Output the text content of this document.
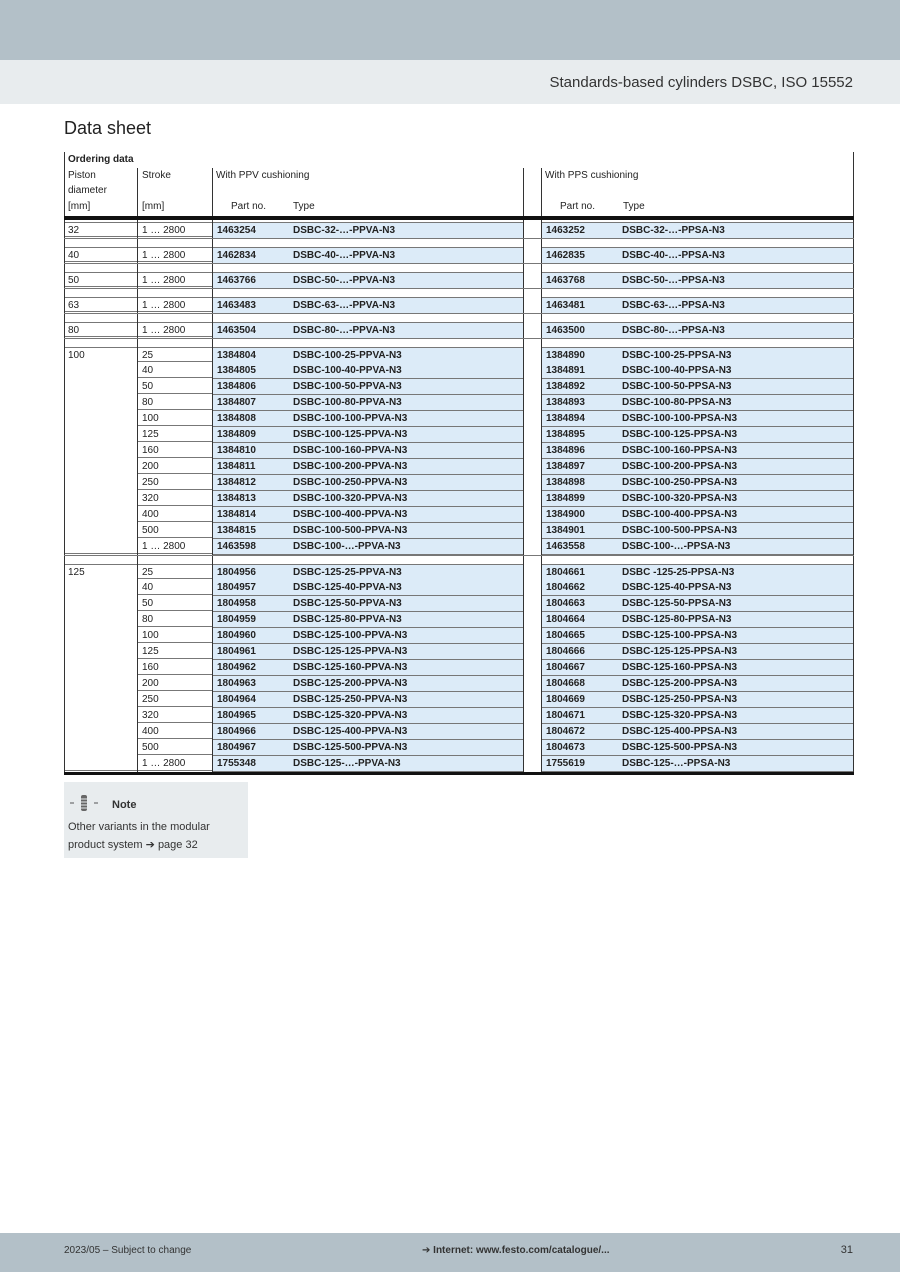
Standards-based cylinders DSBC, ISO 15552
Data sheet
Ordering data
Piston
diameter
[mm]
Stroke
[mm]
With PPV cushioning
Part no.	Type
With PPS cushioning
Part no.	Type
32	1 … 2800	1463254	DSBC-32-…-PPVA-N3	1463252	DSBC-32-…-PPSA-N3
40	1 … 2800	1462834	DSBC-40-…-PPVA-N3	1462835	DSBC-40-…-PPSA-N3
50	1 … 2800	1463766	DSBC-50-…-PPVA-N3	1463768	DSBC-50-…-PPSA-N3
63	1 … 2800	1463483	DSBC-63-…-PPVA-N3	1463481	DSBC-63-…-PPSA-N3
80	1 … 2800	1463504	DSBC-80-…-PPVA-N3	1463500	DSBC-80-…-PPSA-N3
100	25	1384804	DSBC-100-25-PPVA-N3	1384890	DSBC-100-25-PPSA-N3
40	1384805	DSBC-100-40-PPVA-N3	1384891	DSBC-100-40-PPSA-N3
50	1384806	DSBC-100-50-PPVA-N3	1384892	DSBC-100-50-PPSA-N3
80	1384807	DSBC-100-80-PPVA-N3	1384893	DSBC-100-80-PPSA-N3
100	1384808	DSBC-100-100-PPVA-N3	1384894	DSBC-100-100-PPSA-N3
125	1384809	DSBC-100-125-PPVA-N3	1384895	DSBC-100-125-PPSA-N3
160	1384810	DSBC-100-160-PPVA-N3	1384896	DSBC-100-160-PPSA-N3
200	1384811	DSBC-100-200-PPVA-N3	1384897	DSBC-100-200-PPSA-N3
250	1384812	DSBC-100-250-PPVA-N3	1384898	DSBC-100-250-PPSA-N3
320	1384813	DSBC-100-320-PPVA-N3	1384899	DSBC-100-320-PPSA-N3
400	1384814	DSBC-100-400-PPVA-N3	1384900	DSBC-100-400-PPSA-N3
500	1384815	DSBC-100-500-PPVA-N3	1384901	DSBC-100-500-PPSA-N3
1 … 2800	1463598	DSBC-100-…-PPVA-N3	1463558	DSBC-100-…-PPSA-N3
125	25	1804956	DSBC-125-25-PPVA-N3	1804661	DSBC -125-25-PPSA-N3
40	1804957	DSBC-125-40-PPVA-N3	1804662	DSBC-125-40-PPSA-N3
50	1804958	DSBC-125-50-PPVA-N3	1804663	DSBC-125-50-PPSA-N3
80	1804959	DSBC-125-80-PPVA-N3	1804664	DSBC-125-80-PPSA-N3
100	1804960	DSBC-125-100-PPVA-N3	1804665	DSBC-125-100-PPSA-N3
125	1804961	DSBC-125-125-PPVA-N3	1804666	DSBC-125-125-PPSA-N3
160	1804962	DSBC-125-160-PPVA-N3	1804667	DSBC-125-160-PPSA-N3
200	1804963	DSBC-125-200-PPVA-N3	1804668	DSBC-125-200-PPSA-N3
250	1804964	DSBC-125-250-PPVA-N3	1804669	DSBC-125-250-PPSA-N3
320	1804965	DSBC-125-320-PPVA-N3	1804671	DSBC-125-320-PPSA-N3
400	1804966	DSBC-125-400-PPVA-N3	1804672	DSBC-125-400-PPSA-N3
500	1804967	DSBC-125-500-PPVA-N3	1804673	DSBC-125-500-PPSA-N3
1 … 2800	1755348	DSBC-125-…-PPVA-N3	1755619	DSBC-125-…-PPSA-N3
Note
Other variants in the modular product system ➔ page 32
2023/05 – Subject to change	➔ Internet: www.festo.com/catalogue/...	31
